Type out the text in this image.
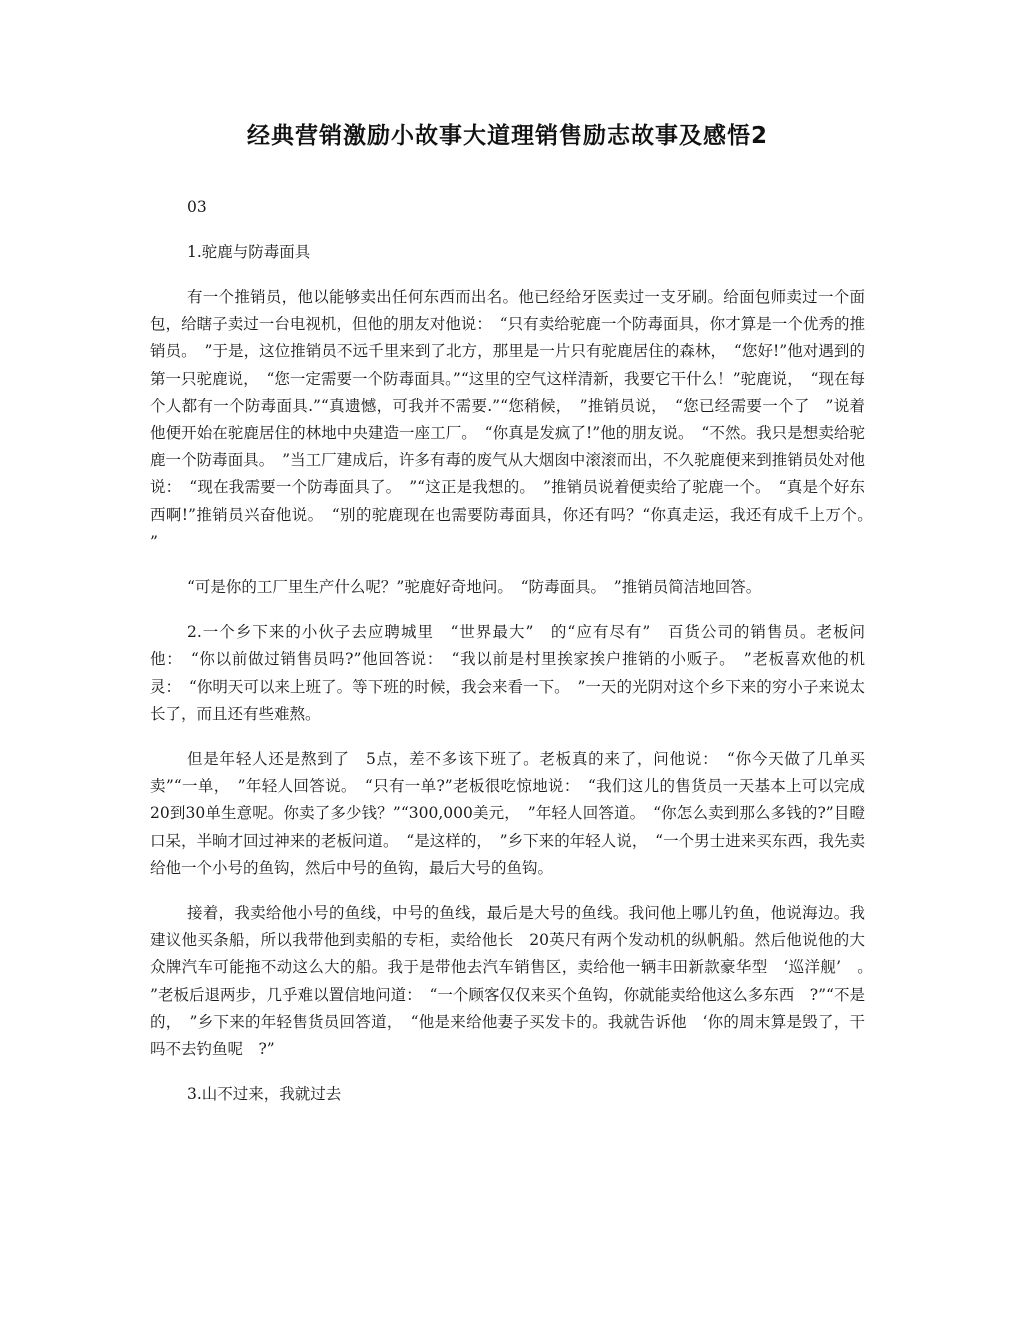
经典营销激励小故事大道理销售励志故事及感悟2
03
1.驼鹿与防毒面具
有一个推销员，他以能够卖出任何东西而出名。他已经给牙医卖过一支牙刷。给面包师卖过一个面包，给瞎子卖过一台电视机，但他的朋友对他说：　“只有卖给驼鹿一个防毒面具，你才算是一个优秀的推销员。　”于是，这位推销员不远千里来到了北方，那里是一片只有驼鹿居住的森林，　“您好!”他对遇到的第一只驼鹿说，　“您一定需要一个防毒面具。”“这里的空气这样清新，我要它干什么！”驼鹿说，　“现在每个人都有一个防毒面具.”“真遗憾，可我并不需要.”“您稍候，　”推销员说，　“您已经需要一个了　”说着他便开始在驼鹿居住的林地中央建造一座工厂。　“你真是发疯了!”他的朋友说。　“不然。我只是想卖给驼鹿一个防毒面具。　”当工厂建成后，许多有毒的废气从大烟囱中滚滚而出，不久驼鹿便来到推销员处对他说：　“现在我需要一个防毒面具了。　”“这正是我想的。　”推销员说着便卖给了驼鹿一个。　“真是个好东西啊!”推销员兴奋他说。　“别的驼鹿现在也需要防毒面具，你还有吗？“你真走运，我还有成千上万个。　”
“可是你的工厂里生产什么呢？”驼鹿好奇地问。　“防毒面具。　”推销员简洁地回答。
2.一个乡下来的小伙子去应聘城里　“世界最大”　的“应有尽有”　百货公司的销售员。老板问他：　“你以前做过销售员吗?”他回答说：　“我以前是村里挨家挨户推销的小贩子。　”老板喜欢他的机灵：　“你明天可以来上班了。等下班的时候，我会来看一下。　”一天的光阴对这个乡下来的穷小子来说太长了，而且还有些难熬。
但是年轻人还是熬到了　5点，差不多该下班了。老板真的来了，问他说：　“你今天做了几单买卖”“一单，　”年轻人回答说。　“只有一单?”老板很吃惊地说：　“我们这儿的售货员一天基本上可以完成　20到30单生意呢。你卖了多少钱？”“300,000美元，　”年轻人回答道。　“你怎么卖到那么多钱的?”目瞪口呆，半晌才回过神来的老板问道。　“是这样的，　”乡下来的年轻人说，　“一个男士进来买东西，我先卖给他一个小号的鱼钩，然后中号的鱼钩，最后大号的鱼钩。
接着，我卖给他小号的鱼线，中号的鱼线，最后是大号的鱼线。我问他上哪儿钓鱼，他说海边。我建议他买条船，所以我带他到卖船的专柜，卖给他长　20英尺有两个发动机的纵帆船。然后他说他的大众牌汽车可能拖不动这么大的船。我于是带他去汽车销售区，卖给他一辆丰田新款豪华型　‘巡洋舰’　。　”老板后退两步，几乎难以置信地问道：　“一个顾客仅仅来买个鱼钩，你就能卖给他这么多东西　?”“不是的，　”乡下来的年轻售货员回答道，　“他是来给他妻子买发卡的。我就告诉他　‘你的周末算是毁了，干吗不去钓鱼呢　?”
3.山不过来，我就过去
